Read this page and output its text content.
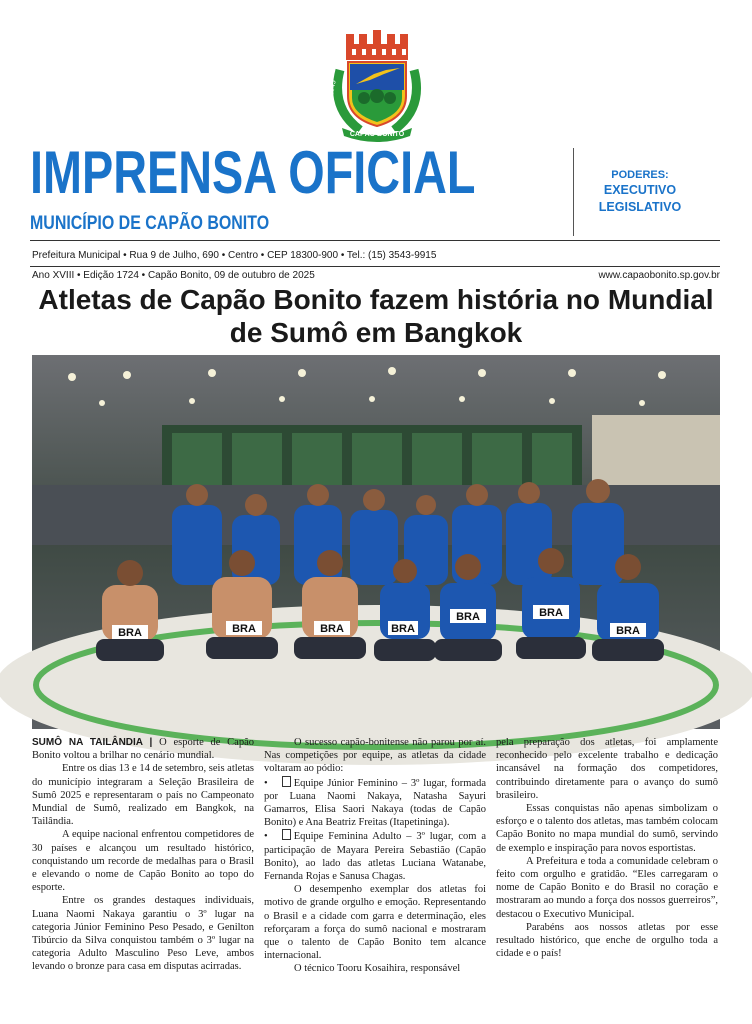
1845	1857
CAPÃO BONITO
IMPRENSA OFICIAL
MUNICÍPIO DE CAPÃO BONITO
PODERES:
EXECUTIVO
LEGISLATIVO
Prefeitura Municipal • Rua 9 de Julho, 690 • Centro • CEP 18300-900 • Tel.: (15) 3543-9915
Ano XVIII • Edição 1724 • Capão Bonito, 09 de outubro de 2025	www.capaobonito.sp.gov.br
Atletas de Capão Bonito fazem história no Mundial de Sumô em Bangkok
BRA	BRA	BRA	BRA
BRA	BRA
BRA

SUMÔ NA TAILÂNDIA | O esporte de Capão Bonito voltou a brilhar no cenário mundial.

Entre os dias 13 e 14 de setembro, seis atletas do município integraram a Seleção Brasileira de Sumô 2025 e representaram o país no Campeonato Mundial de Sumô, realizado em Bangkok, na Tailândia.

A equipe nacional enfrentou competidores de 30 países e alcançou um resultado histórico, conquistando um recorde de medalhas para o Brasil e elevando o nome de Capão Bonito ao topo do esporte.

Entre os grandes destaques individuais, Luana Naomi Nakaya garantiu o 3º lugar na categoria Júnior Feminino Peso Pesado, e Genilton Tibúrcio da Silva conquistou também o 3º lugar na categoria Adulto Masculino Peso Leve, ambos levando o bronze para casa em disputas acirradas.

O sucesso capão-bonitense não parou por aí. Nas competições por equipe, as atletas da cidade voltaram ao pódio:

• Equipe Júnior Feminino – 3º lugar, formada por Luana Naomi Nakaya, Natasha Sayuri Gamarros, Elisa Saori Nakaya (todas de Capão Bonito) e Ana Beatriz Freitas (Itapetininga).

• Equipe Feminina Adulto – 3º lugar, com a participação de Mayara Pereira Sebastião (Capão Bonito), ao lado das atletas Luciana Watanabe, Fernanda Rojas e Sanusa Chagas.

O desempenho exemplar dos atletas foi motivo de grande orgulho e emoção. Representando o Brasil e a cidade com garra e determinação, eles reforçaram a força do sumô nacional e mostraram que o talento de Capão Bonito tem alcance internacional.

O técnico Tooru Kosaihira, responsável

pela preparação dos atletas, foi amplamente reconhecido pelo excelente trabalho e dedicação incansável na formação dos competidores, contribuindo diretamente para o avanço do sumô brasileiro.

Essas conquistas não apenas simbolizam o esforço e o talento dos atletas, mas também colocam Capão Bonito no mapa mundial do sumô, servindo de exemplo e inspiração para novos esportistas.

A Prefeitura e toda a comunidade celebram o feito com orgulho e gratidão. “Eles carregaram o nome de Capão Bonito e do Brasil no coração e mostraram ao mundo a força dos nossos guerreiros”, destacou o Executivo Municipal.

Parabéns aos nossos atletas por esse resultado histórico, que enche de orgulho toda a cidade e o país!
